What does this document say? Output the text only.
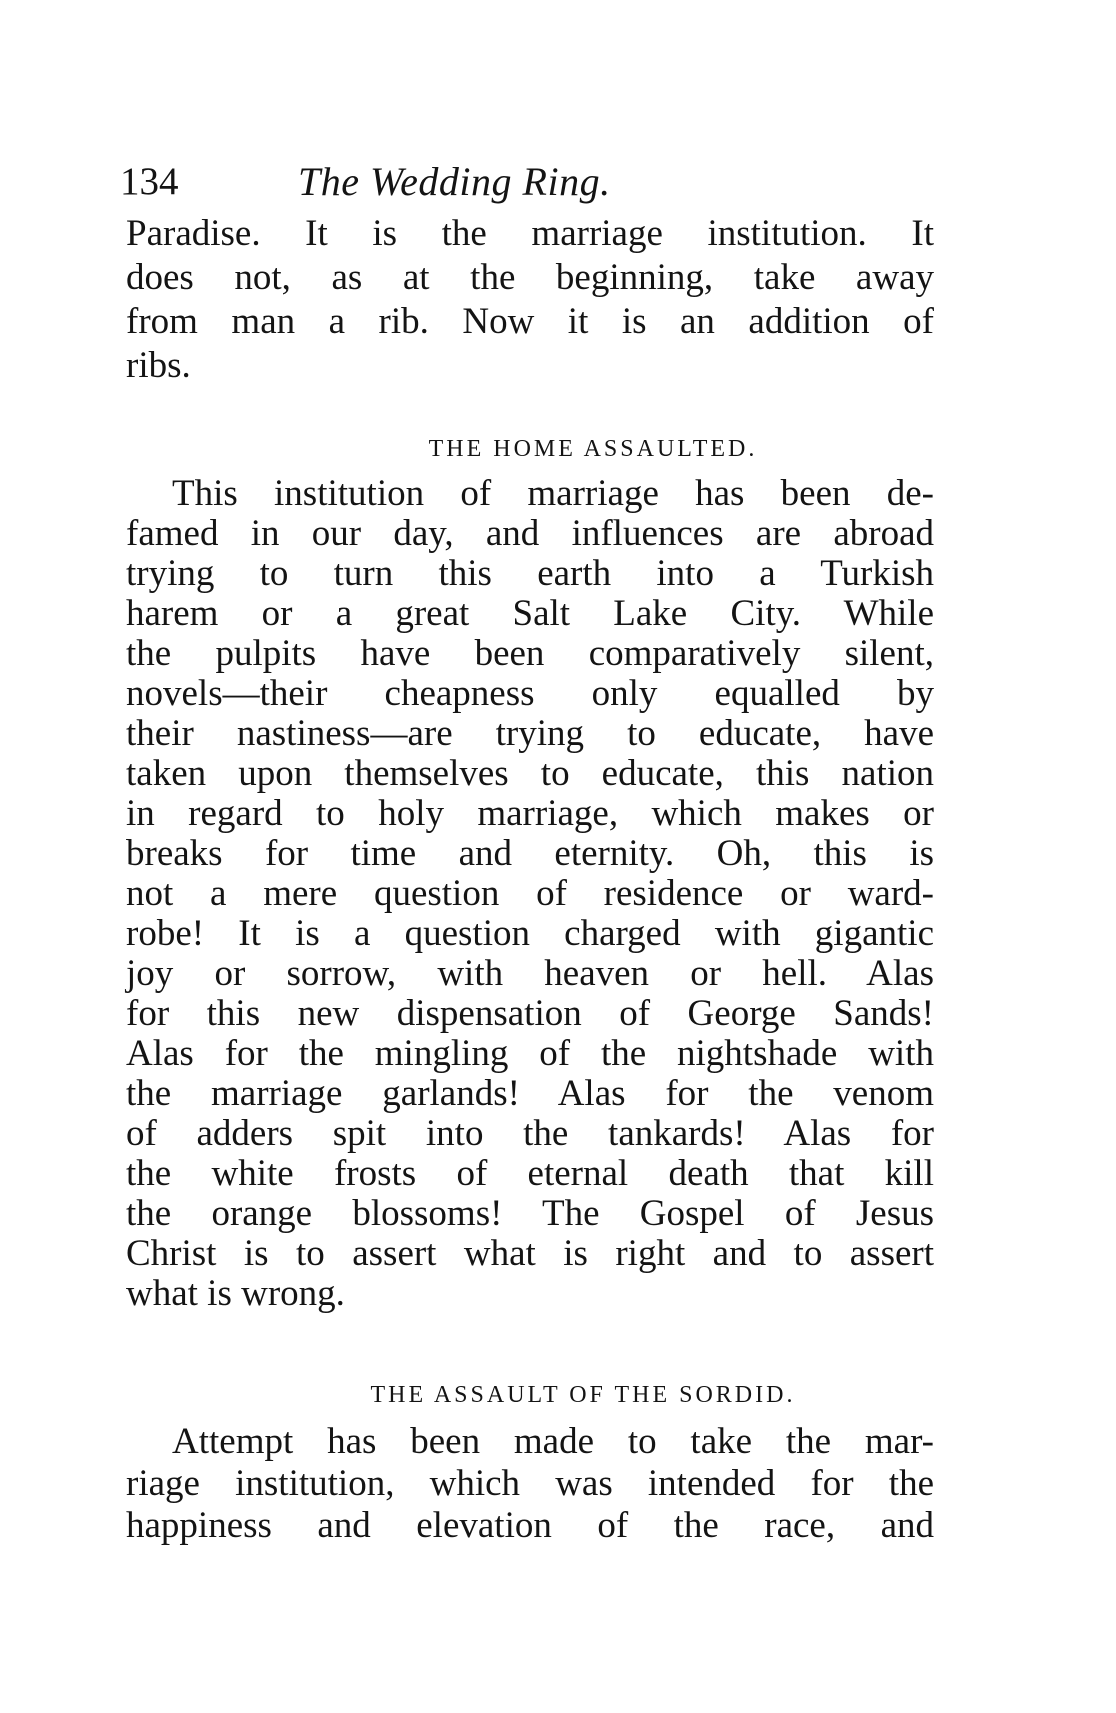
134	The Wedding Ring.
Paradise. It is the marriage institution. It
does not, as at the beginning, take away
from man a rib. Now it is an addition of
ribs.
THE HOME ASSAULTED.
This institution of marriage has been de-
famed in our day, and influences are abroad
trying to turn this earth into a Turkish
harem or a great Salt Lake City. While
the pulpits have been comparatively silent,
novels—their cheapness only equalled by
their nastiness—are trying to educate, have
taken upon themselves to educate, this nation
in regard to holy marriage, which makes or
breaks for time and eternity. Oh, this is
not a mere question of residence or ward-
robe! It is a question charged with gigantic
joy or sorrow, with heaven or hell. Alas
for this new dispensation of George Sands!
Alas for the mingling of the nightshade with
the marriage garlands! Alas for the venom
of adders spit into the tankards! Alas for
the white frosts of eternal death that kill
the orange blossoms! The Gospel of Jesus
Christ is to assert what is right and to assert
what is wrong.
THE ASSAULT OF THE SORDID.
Attempt has been made to take the mar-
riage institution, which was intended for the
happiness and elevation of the race, and
